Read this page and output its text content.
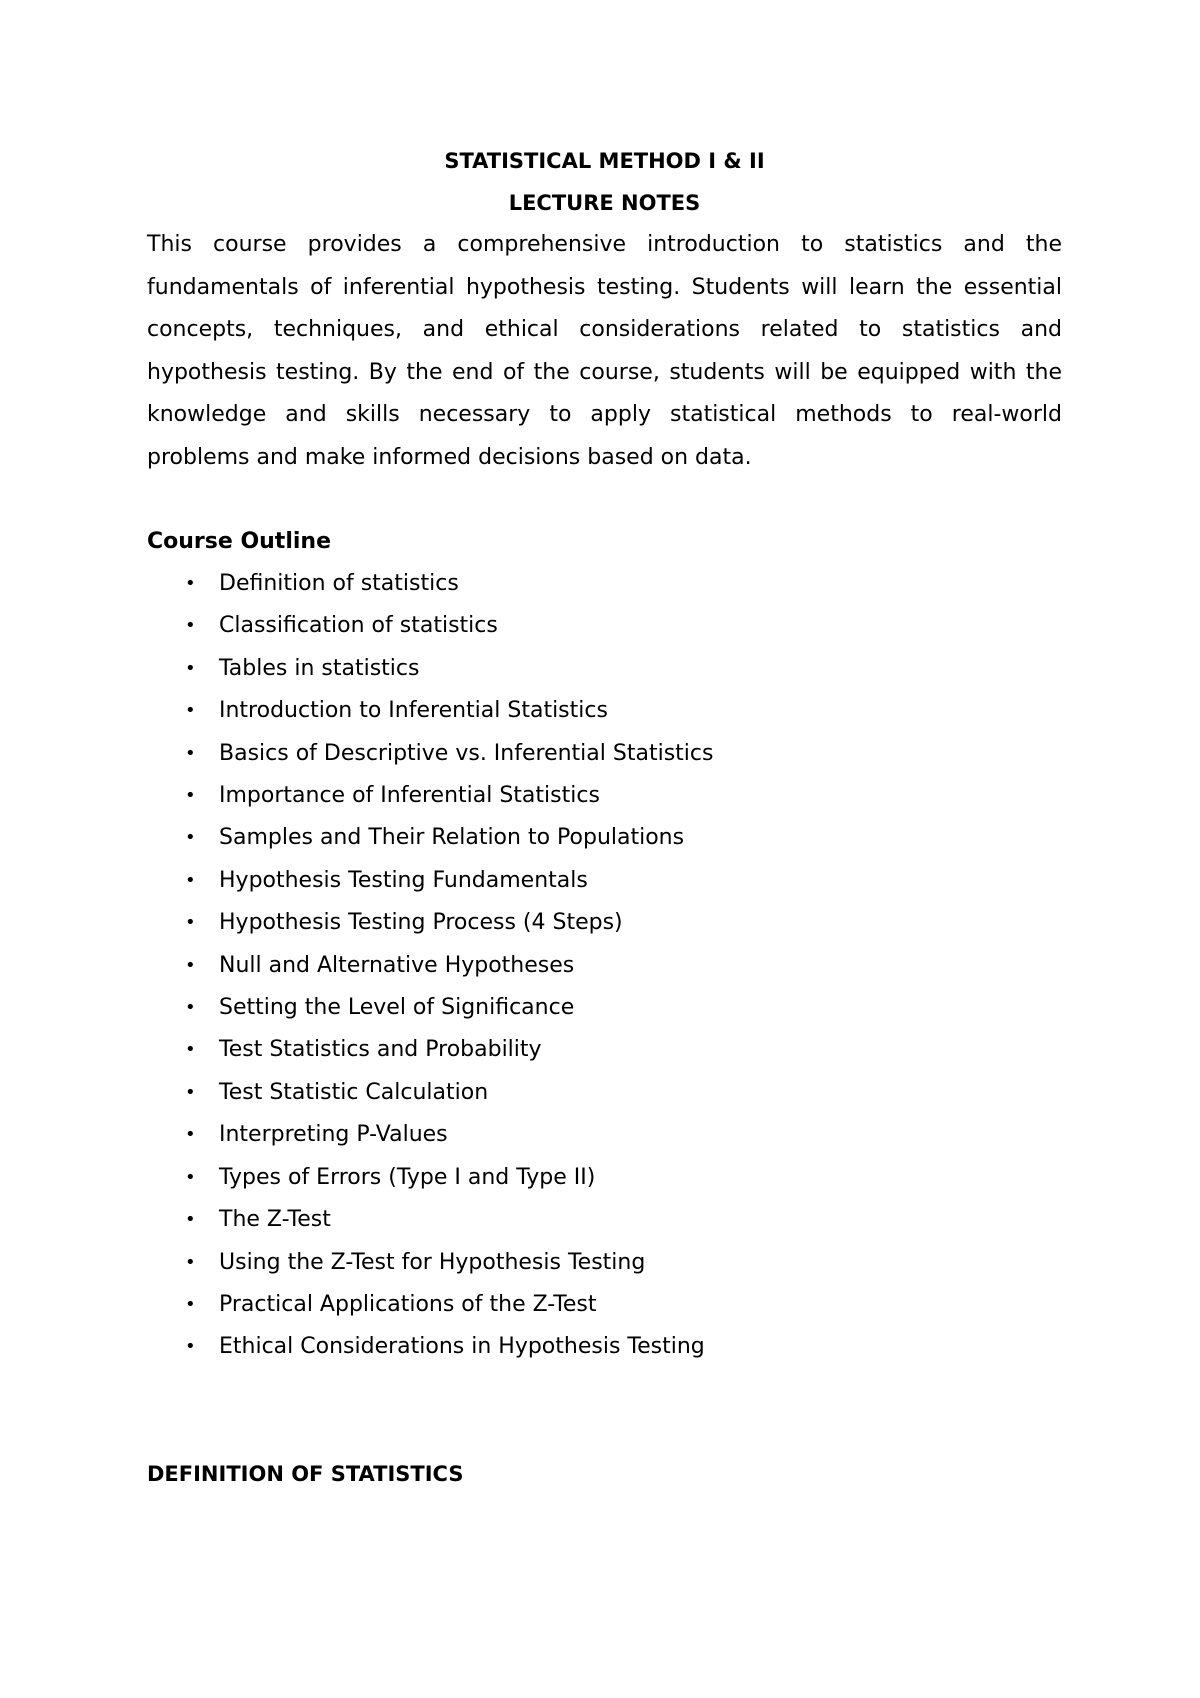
STATISTICAL METHOD I & II

LECTURE NOTES

This course provides a comprehensive introduction to statistics and the fundamentals of inferential hypothesis testing. Students will learn the essential concepts, techniques, and ethical considerations related to statistics and hypothesis testing. By the end of the course, students will be equipped with the knowledge and skills necessary to apply statistical methods to real-world problems and make informed decisions based on data.

Course Outline

• Definition of statistics
• Classification of statistics
• Tables in statistics
• Introduction to Inferential Statistics
• Basics of Descriptive vs. Inferential Statistics
• Importance of Inferential Statistics
• Samples and Their Relation to Populations
• Hypothesis Testing Fundamentals
• Hypothesis Testing Process (4 Steps)
• Null and Alternative Hypotheses
• Setting the Level of Significance
• Test Statistics and Probability
• Test Statistic Calculation
• Interpreting P-Values
• Types of Errors (Type I and Type II)
• The Z-Test
• Using the Z-Test for Hypothesis Testing
• Practical Applications of the Z-Test
• Ethical Considerations in Hypothesis Testing

DEFINITION OF STATISTICS
